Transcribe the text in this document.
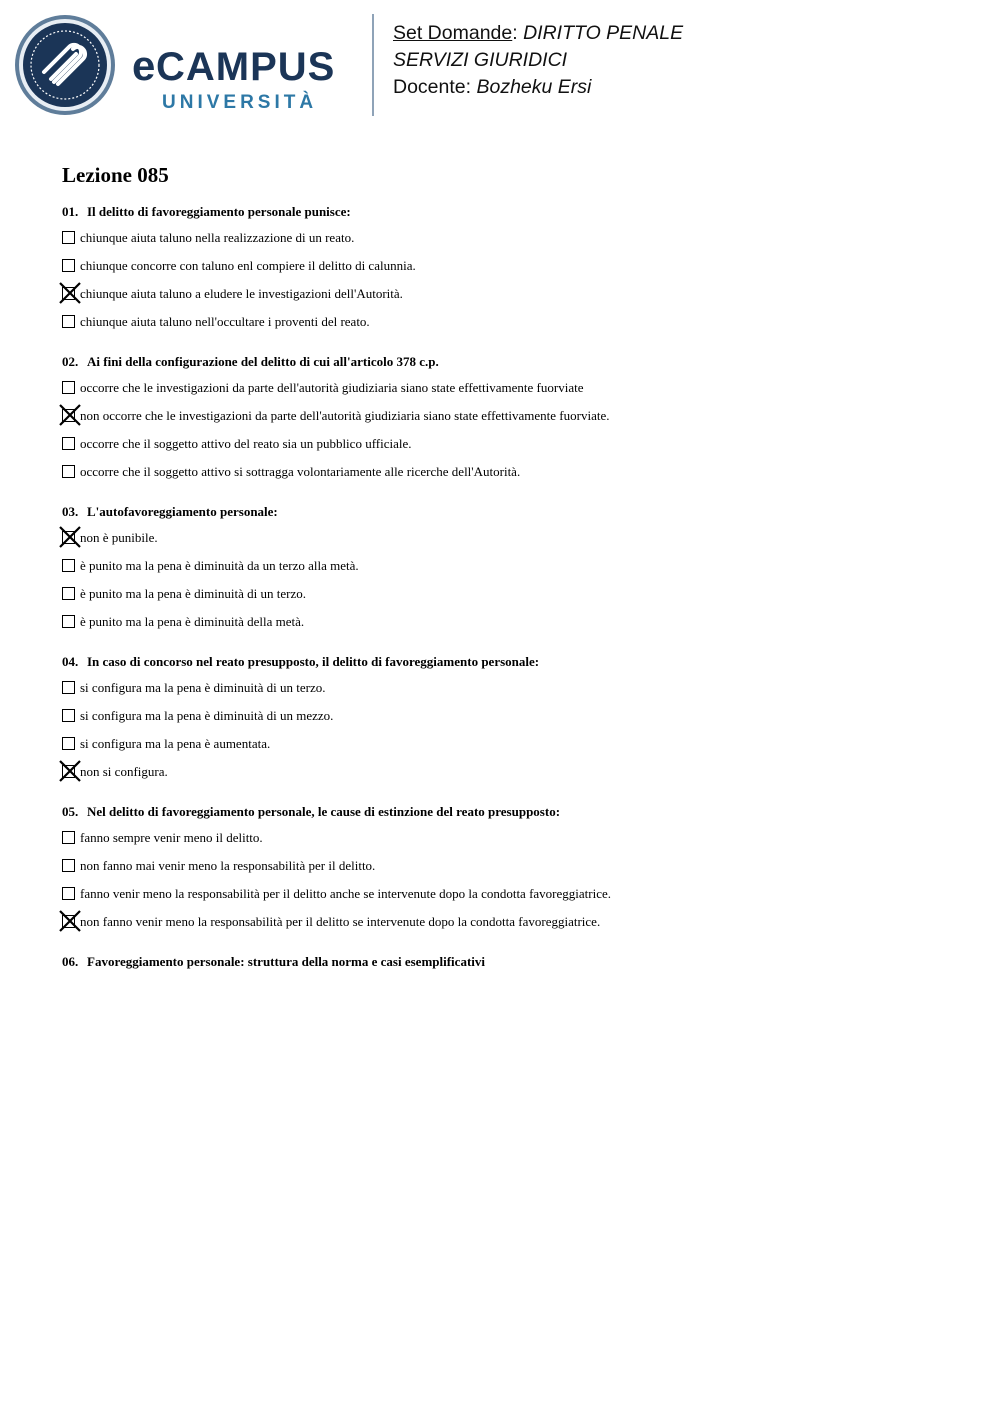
e CAMPUS
UNIVERSITÀ
Set Domande: DIRITTO PENALE
SERVIZI GIURIDICI
Docente: Bozheku Ersi
Lezione 085
01. Il delitto di favoreggiamento personale punisce:
chiunque aiuta taluno nella realizzazione di un reato.
chiunque concorre con taluno enl compiere il delitto di calunnia.
chiunque aiuta taluno a eludere le investigazioni dell'Autorità.
chiunque aiuta taluno nell'occultare i proventi del reato.
02. Ai fini della configurazione del delitto di cui all'articolo 378 c.p.
occorre che le investigazioni da parte dell'autorità giudiziaria siano state effettivamente fuorviate
non occorre che le investigazioni da parte dell'autorità giudiziaria siano state effettivamente fuorviate.
occorre che il soggetto attivo del reato sia un pubblico ufficiale.
occorre che il soggetto attivo si sottragga volontariamente alle ricerche dell'Autorità.
03. L'autofavoreggiamento personale:
non è punibile.
è punito ma la pena è diminuità da un terzo alla metà.
è punito ma la pena è diminuità di un terzo.
è punito ma la pena è diminuità della metà.
04. In caso di concorso nel reato presupposto, il delitto di favoreggiamento personale:
si configura ma la pena è diminuità di un terzo.
si configura ma la pena è diminuità di un mezzo.
si configura ma la pena è aumentata.
non si configura.
05. Nel delitto di favoreggiamento personale, le cause di estinzione del reato presupposto:
fanno sempre venir meno il delitto.
non fanno mai venir meno la responsabilità per il delitto.
fanno venir meno la responsabilità per il delitto anche se intervenute dopo la condotta favoreggiatrice.
non fanno venir meno la responsabilità per il delitto se intervenute dopo la condotta favoreggiatrice.
06. Favoreggiamento personale: struttura della norma e casi esemplificativi
